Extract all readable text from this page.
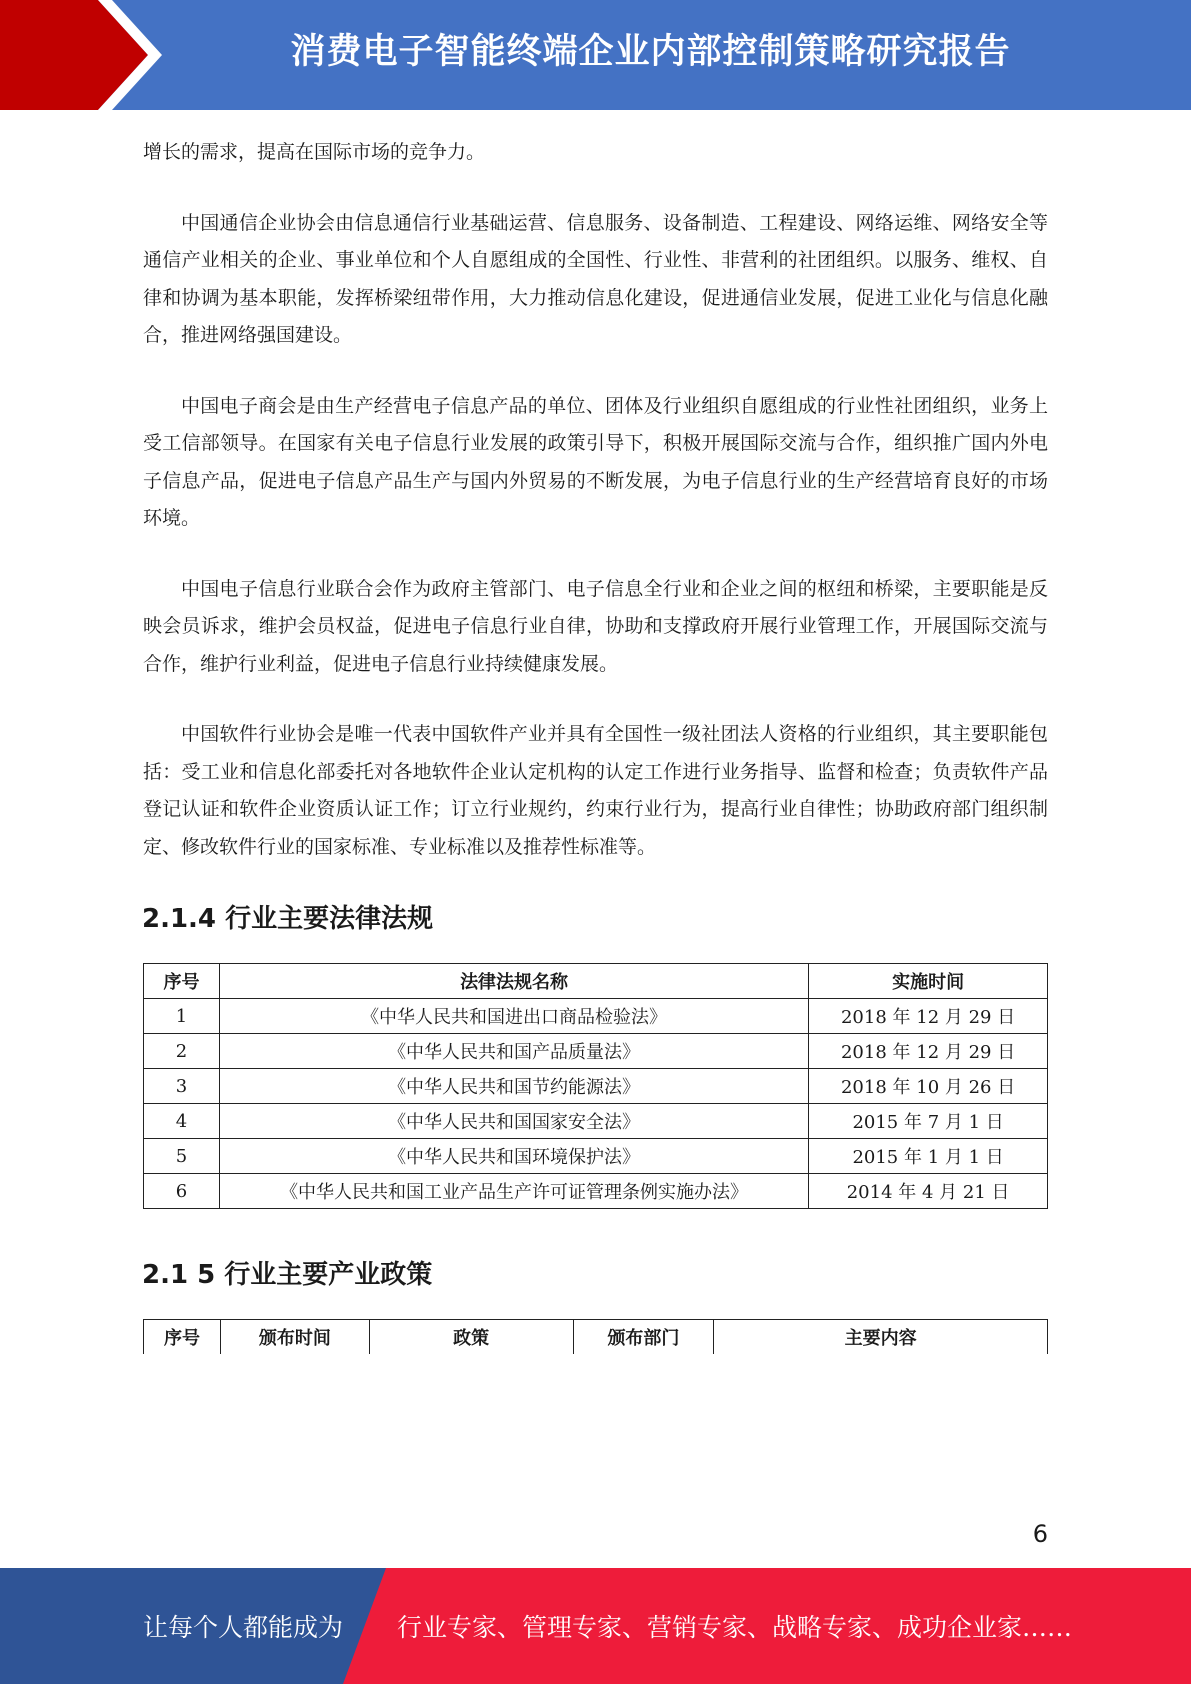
消费电子智能终端企业内部控制策略研究报告

增长的需求，提高在国际市场的竞争力。

中国通信企业协会由信息通信行业基础运营、信息服务、设备制造、工程建设、网络运维、网络安全等通信产业相关的企业、事业单位和个人自愿组成的全国性、行业性、非营利的社团组织。以服务、维权、自律和协调为基本职能，发挥桥梁纽带作用，大力推动信息化建设，促进通信业发展，促进工业化与信息化融合，推进网络强国建设。

中国电子商会是由生产经营电子信息产品的单位、团体及行业组织自愿组成的行业性社团组织，业务上受工信部领导。在国家有关电子信息行业发展的政策引导下，积极开展国际交流与合作，组织推广国内外电子信息产品，促进电子信息产品生产与国内外贸易的不断发展，为电子信息行业的生产经营培育良好的市场环境。

中国电子信息行业联合会作为政府主管部门、电子信息全行业和企业之间的枢纽和桥梁，主要职能是反映会员诉求，维护会员权益，促进电子信息行业自律，协助和支撑政府开展行业管理工作，开展国际交流与合作，维护行业利益，促进电子信息行业持续健康发展。

中国软件行业协会是唯一代表中国软件产业并具有全国性一级社团法人资格的行业组织，其主要职能包括：受工业和信息化部委托对各地软件企业认定机构的认定工作进行业务指导、监督和检查；负责软件产品登记认证和软件企业资质认证工作；订立行业规约，约束行业行为，提高行业自律性；协助政府部门组织制定、修改软件行业的国家标准、专业标准以及推荐性标准等。

2.1.4 行业主要法律法规
序号	法律法规名称	实施时间
1	《中华人民共和国进出口商品检验法》	2018 年 12 月 29 日
2	《中华人民共和国产品质量法》	2018 年 12 月 29 日
3	《中华人民共和国节约能源法》	2018 年 10 月 26 日
4	《中华人民共和国国家安全法》	2015 年 7 月 1 日
5	《中华人民共和国环境保护法》	2015 年 1 月 1 日
6	《中华人民共和国工业产品生产许可证管理条例实施办法》	2014 年 4 月 21 日
2.1 5 行业主要产业政策
序号	颁布时间	政策	颁布部门	主要内容
6
让每个人都能成为 行业专家、管理专家、营销专家、战略专家、成功企业家……
